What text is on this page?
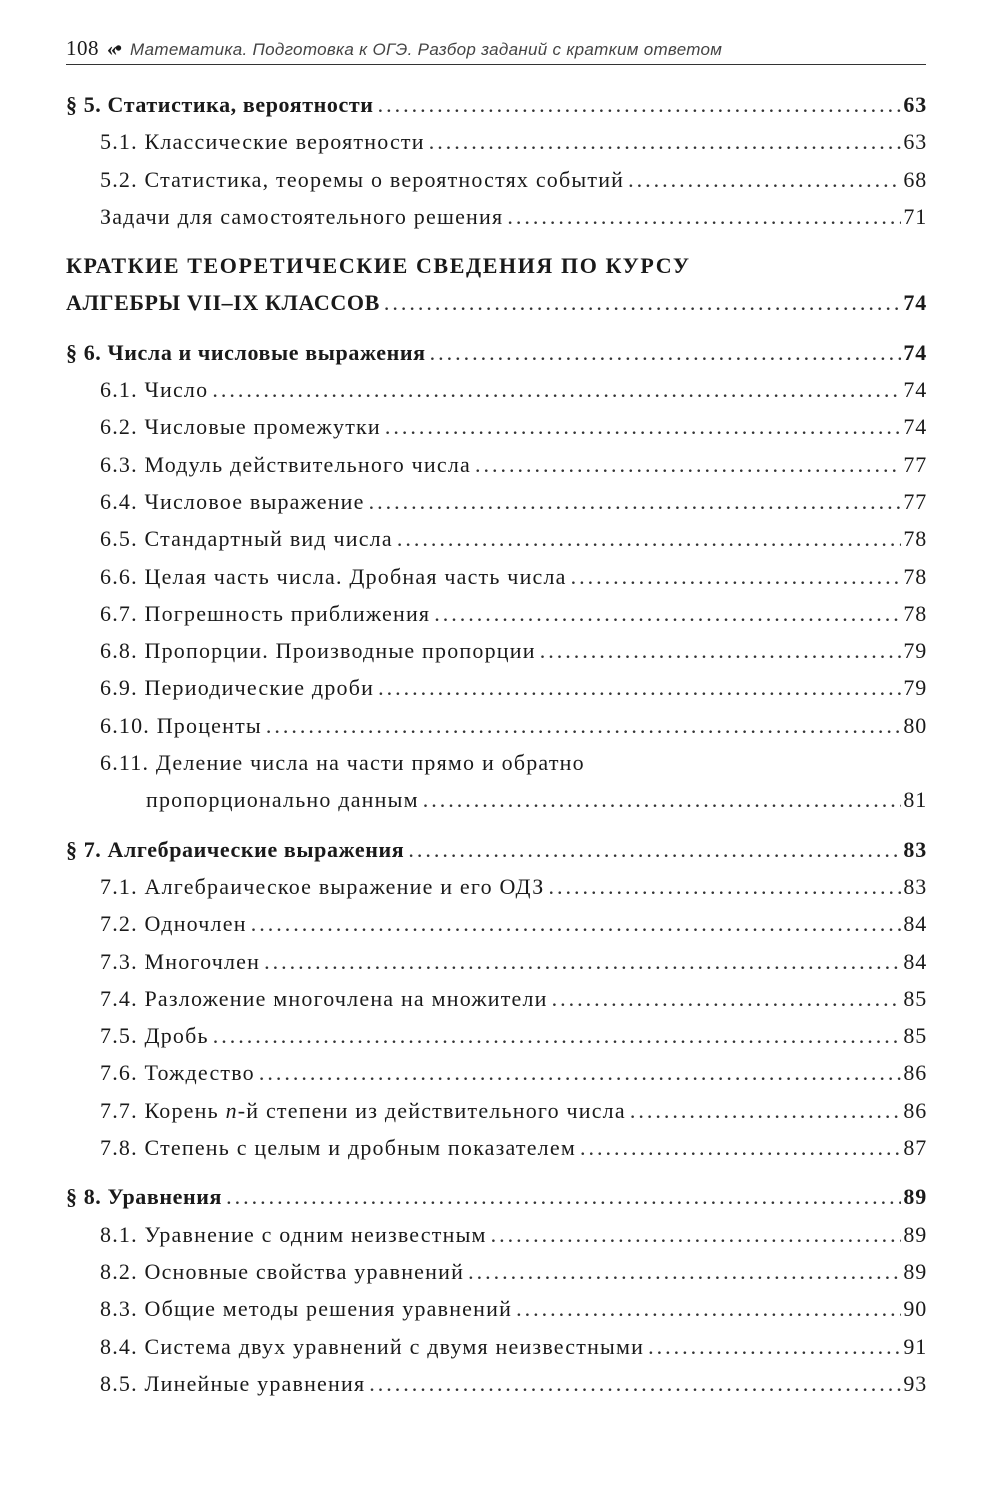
108 «• Математика. Подготовка к ОГЭ. Разбор заданий с кратким ответом
§ 5. Статистика, вероятности .....	63
5.1. Классические вероятности .....	63
5.2. Статистика, теоремы о вероятностях событий .....	68
Задачи для самостоятельного решения .....	71
КРАТКИЕ ТЕОРЕТИЧЕСКИЕ СВЕДЕНИЯ ПО КУРСУ
АЛГЕБРЫ VII–IX КЛАССОВ .....	74
§ 6. Числа и числовые выражения .....	74
6.1. Число .....	74
6.2. Числовые промежутки .....	74
6.3. Модуль действительного числа .....	77
6.4. Числовое выражение .....	77
6.5. Стандартный вид числа .....	78
6.6. Целая часть числа. Дробная часть числа .....	78
6.7. Погрешность приближения .....	78
6.8. Пропорции. Производные пропорции .....	79
6.9. Периодические дроби .....	79
6.10. Проценты .....	80
6.11. Деление числа на части прямо и обратно
пропорционально данным .....	81
§ 7. Алгебраические выражения .....	83
7.1. Алгебраическое выражение и его ОДЗ .....	83
7.2. Одночлен .....	84
7.3. Многочлен .....	84
7.4. Разложение многочлена на множители .....	85
7.5. Дробь .....	85
7.6. Тождество .....	86
7.7. Корень n-й степени из действительного числа .....	86
7.8. Степень с целым и дробным показателем .....	87
§ 8. Уравнения .....	89
8.1. Уравнение с одним неизвестным .....	89
8.2. Основные свойства уравнений .....	89
8.3. Общие методы решения уравнений .....	90
8.4. Система двух уравнений с двумя неизвестными .....	91
8.5. Линейные уравнения .....	93
